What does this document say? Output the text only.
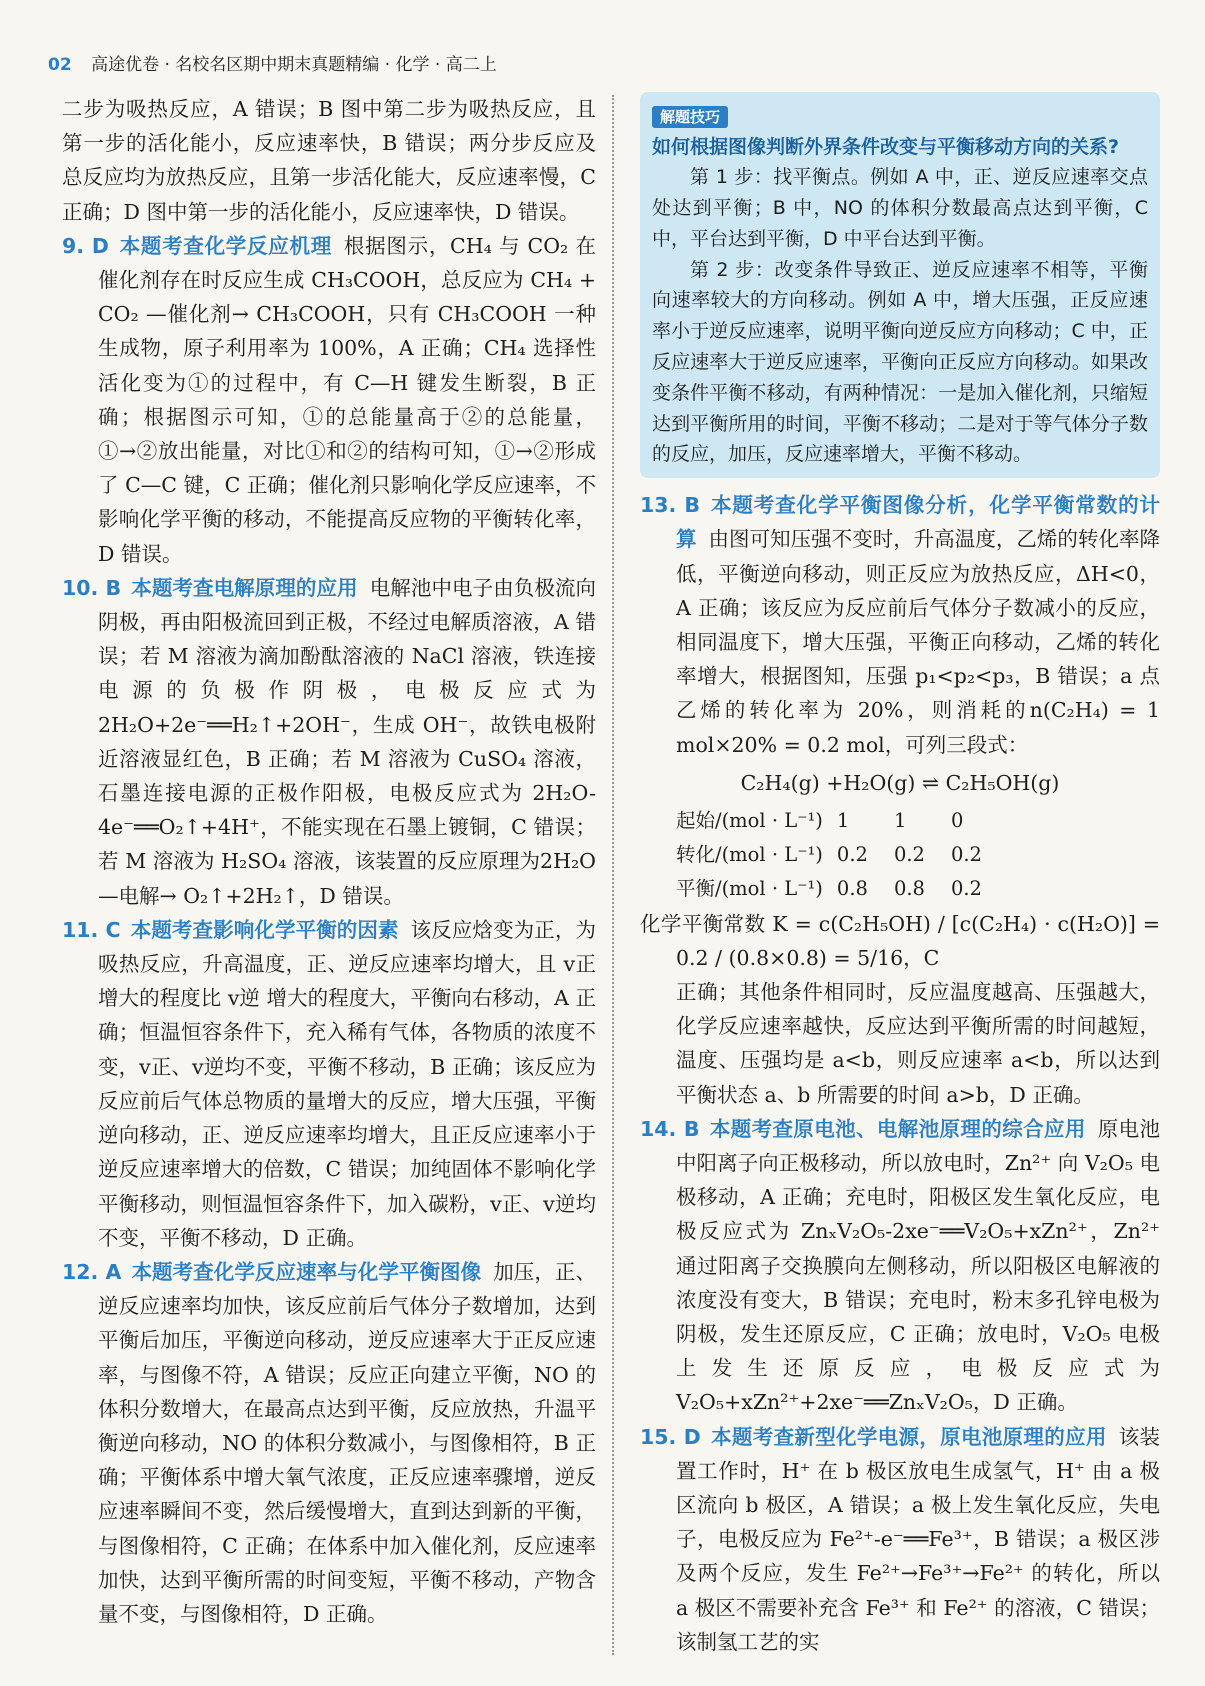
02 高途优卷 · 名校名区期中期末真题精编 · 化学 · 高二上

二步为吸热反应，A 错误；B 图中第二步为吸热反应，且第一步的活化能小，反应速率快，B 错误；两分步反应及总反应均为放热反应，且第一步活化能大，反应速率慢，C 正确；D 图中第一步的活化能小，反应速率快，D 错误。

9. D 本题考查化学反应机理 根据图示，CH₄ 与 CO₂ 在催化剂存在时反应生成 CH₃COOH，总反应为 CH₄ + CO₂ —催化剂→ CH₃COOH，只有 CH₃COOH 一种生成物，原子利用率为 100%，A 正确；CH₄ 选择性活化变为①的过程中，有 C—H 键发生断裂，B 正确；根据图示可知，①的总能量高于②的总能量，①→②放出能量，对比①和②的结构可知，①→②形成了 C—C 键，C 正确；催化剂只影响化学反应速率，不影响化学平衡的移动，不能提高反应物的平衡转化率，D 错误。

10. B 本题考查电解原理的应用 电解池中电子由负极流向阴极，再由阳极流回到正极，不经过电解质溶液，A 错误；若 M 溶液为滴加酚酞溶液的 NaCl 溶液，铁连接电源的负极作阴极，电极反应式为 2H₂O+2e⁻══H₂↑+2OH⁻，生成 OH⁻，故铁电极附近溶液显红色，B 正确；若 M 溶液为 CuSO₄ 溶液，石墨连接电源的正极作阳极，电极反应式为 2H₂O-4e⁻══O₂↑+4H⁺，不能实现在石墨上镀铜，C 错误；若 M 溶液为 H₂SO₄ 溶液，该装置的反应原理为2H₂O —电解→ O₂↑+2H₂↑，D 错误。

11. C 本题考查影响化学平衡的因素 该反应焓变为正，为吸热反应，升高温度，正、逆反应速率均增大，且 v正 增大的程度比 v逆 增大的程度大，平衡向右移动，A 正确；恒温恒容条件下，充入稀有气体，各物质的浓度不变，v正、v逆均不变，平衡不移动，B 正确；该反应为反应前后气体总物质的量增大的反应，增大压强，平衡逆向移动，正、逆反应速率均增大，且正反应速率小于逆反应速率增大的倍数，C 错误；加纯固体不影响化学平衡移动，则恒温恒容条件下，加入碳粉，v正、v逆均不变，平衡不移动，D 正确。

12. A 本题考查化学反应速率与化学平衡图像 加压，正、逆反应速率均加快，该反应前后气体分子数增加，达到平衡后加压，平衡逆向移动，逆反应速率大于正反应速率，与图像不符，A 错误；反应正向建立平衡，NO 的体积分数增大，在最高点达到平衡，反应放热，升温平衡逆向移动，NO 的体积分数减小，与图像相符，B 正确；平衡体系中增大氧气浓度，正反应速率骤增，逆反应速率瞬间不变，然后缓慢增大，直到达到新的平衡，与图像相符，C 正确；在体系中加入催化剂，反应速率加快，达到平衡所需的时间变短，平衡不移动，产物含量不变，与图像相符，D 正确。

解题技巧
如何根据图像判断外界条件改变与平衡移动方向的关系?

第 1 步：找平衡点。例如 A 中，正、逆反应速率交点处达到平衡；B 中，NO 的体积分数最高点达到平衡，C 中，平台达到平衡，D 中平台达到平衡。

第 2 步：改变条件导致正、逆反应速率不相等，平衡向速率较大的方向移动。例如 A 中，增大压强，正反应速率小于逆反应速率，说明平衡向逆反应方向移动；C 中，正反应速率大于逆反应速率，平衡向正反应方向移动。如果改变条件平衡不移动，有两种情况：一是加入催化剂，只缩短达到平衡所用的时间，平衡不移动；二是对于等气体分子数的反应，加压，反应速率增大，平衡不移动。

13. B 本题考查化学平衡图像分析，化学平衡常数的计算 由图可知压强不变时，升高温度，乙烯的转化率降低，平衡逆向移动，则正反应为放热反应，ΔH<0，A 正确；该反应为反应前后气体分子数减小的反应，相同温度下，增大压强，平衡正向移动，乙烯的转化率增大，根据图知，压强 p₁<p₂<p₃，B 错误；a 点乙烯的转化率为 20%，则消耗的n(C₂H₄) = 1 mol×20% = 0.2 mol，可列三段式：
C₂H₄(g) +H₂O(g) ⇌ C₂H₅OH(g)
起始/(mol · L⁻¹)	1	1	0
转化/(mol · L⁻¹)	0.2	0.2	0.2
平衡/(mol · L⁻¹)	0.8	0.8	0.2
化学平衡常数 K = c(C₂H₅OH) / [c(C₂H₄) · c(H₂O)] = 0.2 / (0.8×0.8) = 5/16，C
正确；其他条件相同时，反应温度越高、压强越大，化学反应速率越快，反应达到平衡所需的时间越短，温度、压强均是 a<b，则反应速率 a<b，所以达到平衡状态 a、b 所需要的时间 a>b，D 正确。

14. B 本题考查原电池、电解池原理的综合应用 原电池中阳离子向正极移动，所以放电时，Zn²⁺ 向 V₂O₅ 电极移动，A 正确；充电时，阳极区发生氧化反应，电极反应式为 ZnₓV₂O₅-2xe⁻══V₂O₅+xZn²⁺，Zn²⁺ 通过阳离子交换膜向左侧移动，所以阳极区电解液的浓度没有变大，B 错误；充电时，粉末多孔锌电极为阴极，发生还原反应，C 正确；放电时，V₂O₅ 电极上发生还原反应，电极反应式为 V₂O₅+xZn²⁺+2xe⁻══ZnₓV₂O₅，D 正确。

15. D 本题考查新型化学电源，原电池原理的应用 该装置工作时，H⁺ 在 b 极区放电生成氢气，H⁺ 由 a 极区流向 b 极区，A 错误；a 极上发生氧化反应，失电子，电极反应为 Fe²⁺-e⁻══Fe³⁺，B 错误；a 极区涉及两个反应，发生 Fe²⁺→Fe³⁺→Fe²⁺ 的转化，所以 a 极区不需要补充含 Fe³⁺ 和 Fe²⁺ 的溶液，C 错误；该制氢工艺的实
